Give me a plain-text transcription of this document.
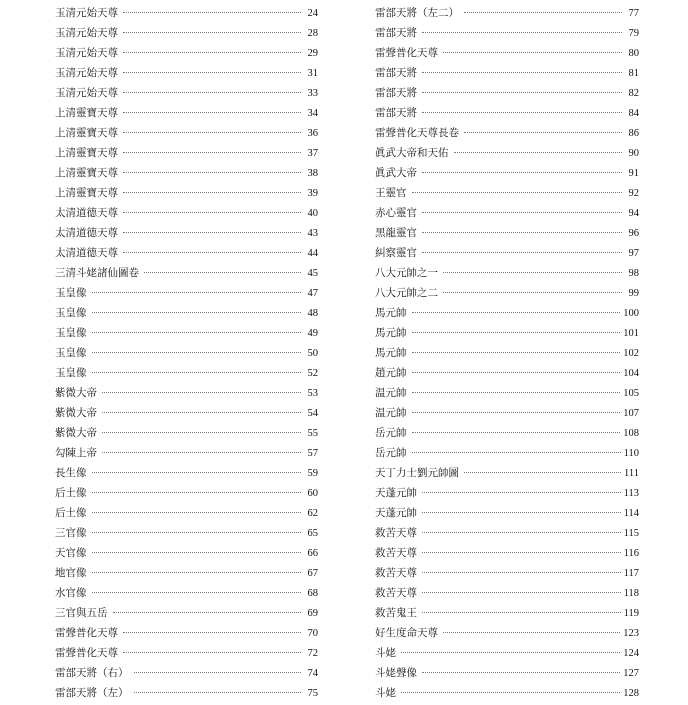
玉清元始天尊	24
玉清元始天尊	28
玉清元始天尊	29
玉清元始天尊	31
玉清元始天尊	33
上清靈寶天尊	34
上清靈寶天尊	36
上清靈寶天尊	37
上清靈寶天尊	38
上清靈寶天尊	39
太清道德天尊	40
太清道德天尊	43
太清道德天尊	44
三清斗姥諸仙圖卷	45
玉皇像	47
玉皇像	48
玉皇像	49
玉皇像	50
玉皇像	52
紫微大帝	53
紫微大帝	54
紫微大帝	55
勾陳上帝	57
長生像	59
后土像	60
后土像	62
三官像	65
天官像	66
地官像	67
水官像	68
三官與五岳	69
雷聲普化天尊	70
雷聲普化天尊	72
雷部天將（右）	74
雷部天將（左）	75
雷部天將（左二）	77
雷部天將	79
雷聲普化天尊	80
雷部天將	81
雷部天將	82
雷部天將	84
雷聲普化天尊長卷	86
眞武大帝和天佑	90
眞武大帝	91
王靈官	92
赤心靈官	94
黑龍靈官	96
糾察靈官	97
八大元帥之一	98
八大元帥之二	99
馬元帥	100
馬元帥	101
馬元帥	102
趙元帥	104
温元帥	105
温元帥	107
岳元帥	108
岳元帥	110
天丁力士劉元帥圖	111
天蓬元帥	113
天蓬元帥	114
救苦天尊	115
救苦天尊	116
救苦天尊	117
救苦天尊	118
救苦鬼王	119
好生度命天尊	123
斗姥	124
斗姥聲像	127
斗姥	128
